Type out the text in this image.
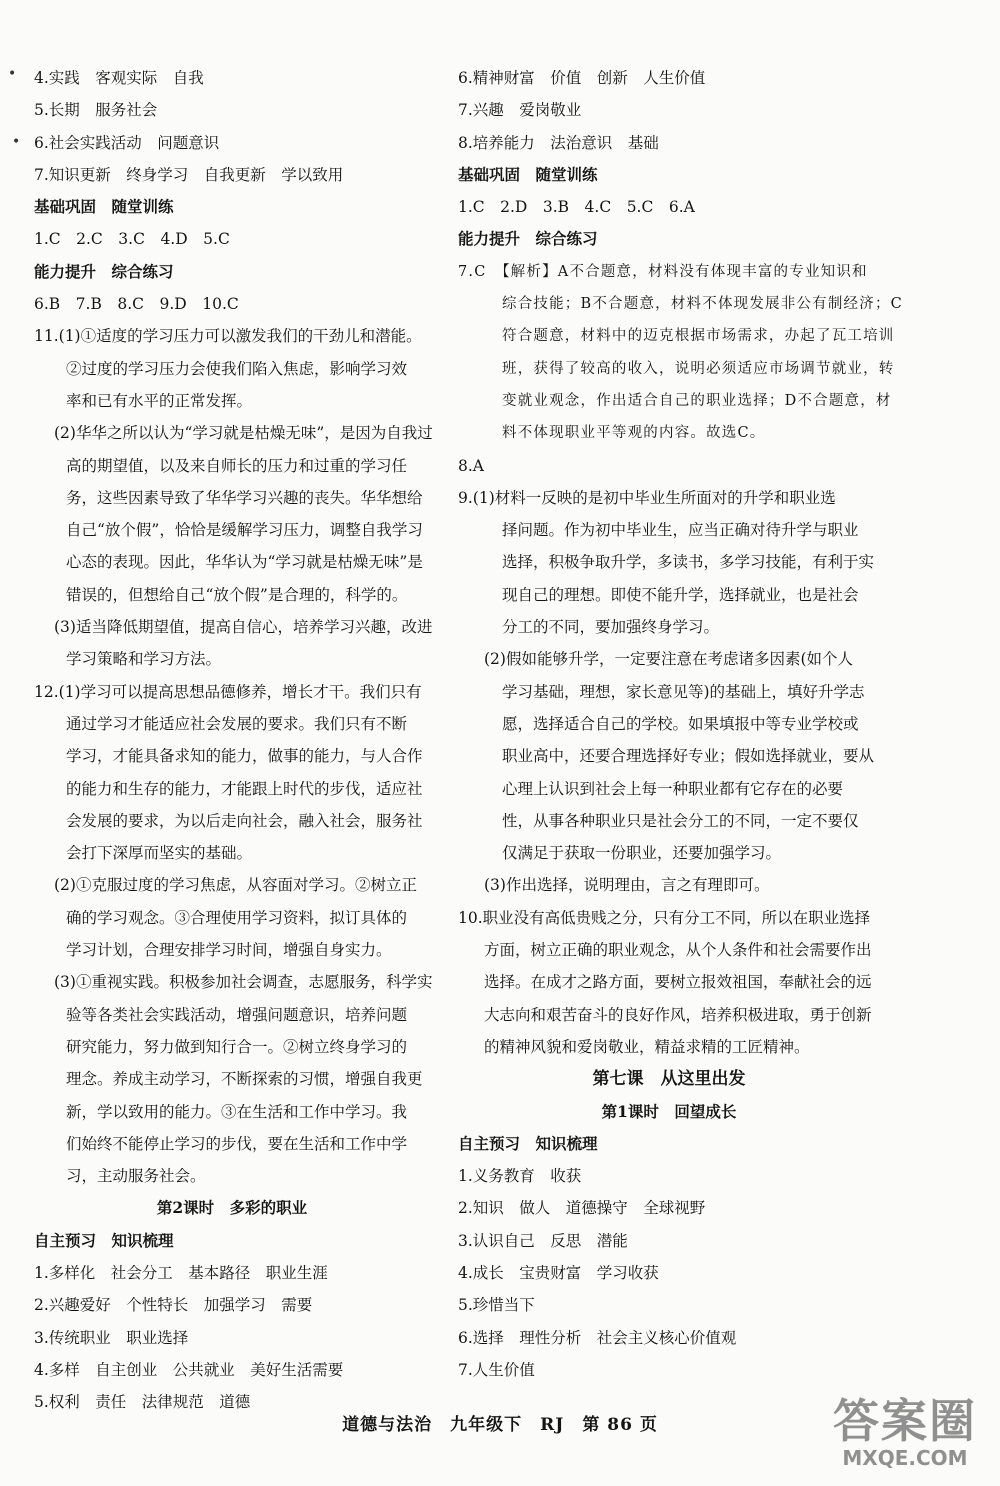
•
•
4.实践　客观实际　自我
5.长期　服务社会
6.社会实践活动　问题意识
7.知识更新　终身学习　自我更新　学以致用
基础巩固　随堂训练
1.C　2.C　3.C　4.D　5.C
能力提升　综合练习
6.B　7.B　8.C　9.D　10.C
11.(1)①适度的学习压力可以激发我们的干劲儿和潜能。
②过度的学习压力会使我们陷入焦虑，影响学习效
率和已有水平的正常发挥。
(2)华华之所以认为“学习就是枯燥无味”，是因为自我过
高的期望值，以及来自师长的压力和过重的学习任
务，这些因素导致了华华学习兴趣的丧失。华华想给
自己“放个假”，恰恰是缓解学习压力，调整自我学习
心态的表现。因此，华华认为“学习就是枯燥无味”是
错误的，但想给自己“放个假”是合理的，科学的。
(3)适当降低期望值，提高自信心，培养学习兴趣，改进
学习策略和学习方法。
12.(1)学习可以提高思想品德修养，增长才干。我们只有
通过学习才能适应社会发展的要求。我们只有不断
学习，才能具备求知的能力，做事的能力，与人合作
的能力和生存的能力，才能跟上时代的步伐，适应社
会发展的要求，为以后走向社会，融入社会，服务社
会打下深厚而坚实的基础。
(2)①克服过度的学习焦虑，从容面对学习。②树立正
确的学习观念。③合理使用学习资料，拟订具体的
学习计划，合理安排学习时间，增强自身实力。
(3)①重视实践。积极参加社会调查，志愿服务，科学实
验等各类社会实践活动，增强问题意识，培养问题
研究能力，努力做到知行合一。②树立终身学习的
理念。养成主动学习，不断探索的习惯，增强自我更
新，学以致用的能力。③在生活和工作中学习。我
们始终不能停止学习的步伐，要在生活和工作中学
习，主动服务社会。
第2课时　多彩的职业
自主预习　知识梳理
1.多样化　社会分工　基本路径　职业生涯
2.兴趣爱好　个性特长　加强学习　需要
3.传统职业　职业选择
4.多样　自主创业　公共就业　美好生活需要
5.权利　责任　法律规范　道德
6.精神财富　价值　创新　人生价值
7.兴趣　爱岗敬业
8.培养能力　法治意识　基础
基础巩固　随堂训练
1.C　2.D　3.B　4.C　5.C　6.A
能力提升　综合练习
7.C　【解析】A不合题意，材料没有体现丰富的专业知识和
综合技能；B不合题意，材料不体现发展非公有制经济；C
符合题意，材料中的迈克根据市场需求，办起了瓦工培训
班，获得了较高的收入，说明必须适应市场调节就业，转
变就业观念，作出适合自己的职业选择；D不合题意，材
料不体现职业平等观的内容。故选C。
8.A
9.(1)材料一反映的是初中毕业生所面对的升学和职业选
择问题。作为初中毕业生，应当正确对待升学与职业
选择，积极争取升学，多读书，多学习技能，有利于实
现自己的理想。即使不能升学，选择就业，也是社会
分工的不同，要加强终身学习。
(2)假如能够升学，一定要注意在考虑诸多因素(如个人
学习基础，理想，家长意见等)的基础上，填好升学志
愿，选择适合自己的学校。如果填报中等专业学校或
职业高中，还要合理选择好专业；假如选择就业，要从
心理上认识到社会上每一种职业都有它存在的必要
性，从事各种职业只是社会分工的不同，一定不要仅
仅满足于获取一份职业，还要加强学习。
(3)作出选择，说明理由，言之有理即可。
10.职业没有高低贵贱之分，只有分工不同，所以在职业选择
方面，树立正确的职业观念，从个人条件和社会需要作出
选择。在成才之路方面，要树立报效祖国，奉献社会的远
大志向和艰苦奋斗的良好作风，培养积极进取，勇于创新
的精神风貌和爱岗敬业，精益求精的工匠精神。
第七课　从这里出发
第1课时　回望成长
自主预习　知识梳理
1.义务教育　收获
2.知识　做人　道德操守　全球视野
3.认识自己　反思　潜能
4.成长　宝贵财富　学习收获
5.珍惜当下
6.选择　理性分析　社会主义核心价值观
7.人生价值
道德与法治　九年级下　RJ　第 86 页	答案圈
MXQE.COM
